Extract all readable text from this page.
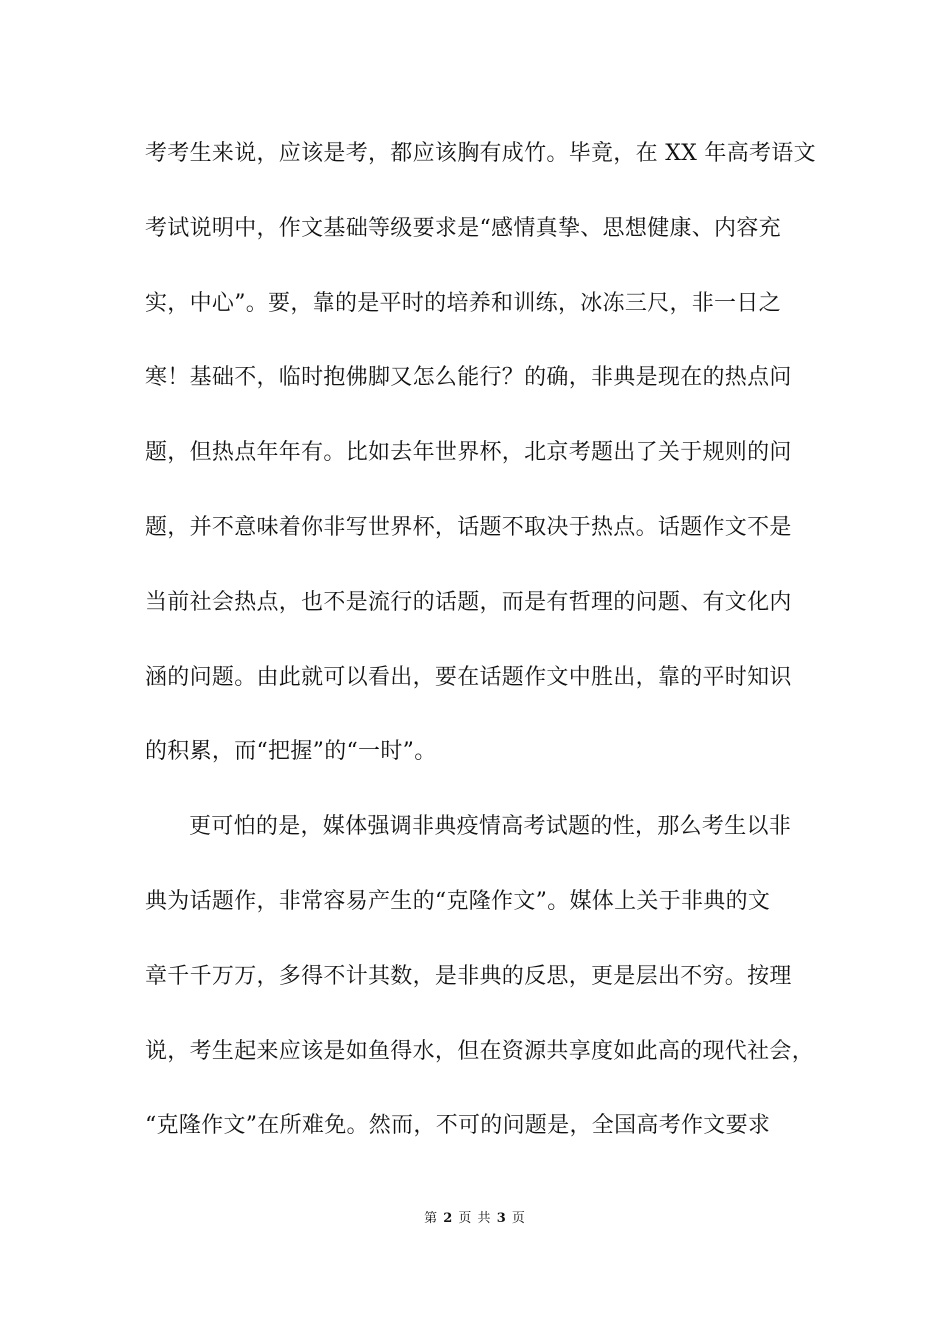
考考生来说，应该是考，都应该胸有成竹。毕竟，在 XX 年高考语文
考试说明中，作文基础等级要求是“感情真挚、思想健康、内容充
实，中心”。要，靠的是平时的培养和训练，冰冻三尺，非一日之
寒！基础不，临时抱佛脚又怎么能行？的确，非典是现在的热点问
题，但热点年年有。比如去年世界杯，北京考题出了关于规则的问
题，并不意味着你非写世界杯，话题不取决于热点。话题作文不是
当前社会热点，也不是流行的话题，而是有哲理的问题、有文化内
涵的问题。由此就可以看出，要在话题作文中胜出，靠的平时知识
的积累，而“把握”的“一时”。
更可怕的是，媒体强调非典疫情高考试题的性，那么考生以非
典为话题作，非常容易产生的“克隆作文”。媒体上关于非典的文
章千千万万，多得不计其数，是非典的反思，更是层出不穷。按理
说，考生起来应该是如鱼得水，但在资源共享度如此高的现代社会，
“克隆作文”在所难免。然而，不可的问题是，全国高考作文要求
第 2 页 共 3 页
